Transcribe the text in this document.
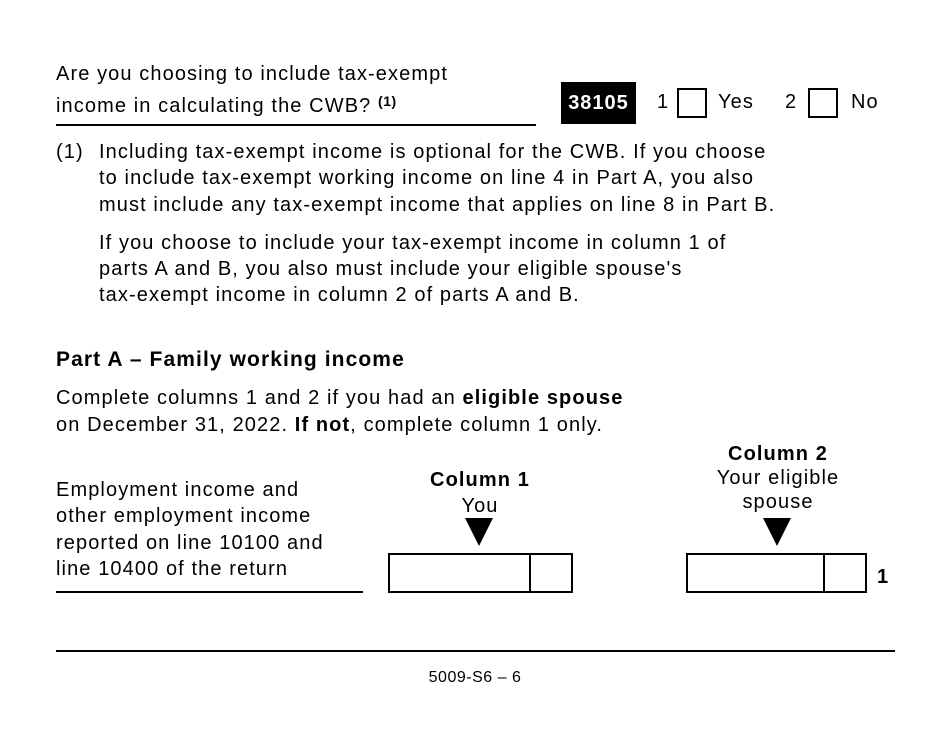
Are you choosing to include tax-exempt
income in calculating the CWB? $^{(1)}$	38105	1 Yes 2	No
(1) Including tax-exempt income is optional for the CWB. If you choose
to include tax-exempt working income on line 4 in Part A, you also
must include any tax-exempt income that applies on line 8 in Part B.
If you choose to include your tax-exempt income in column 1 of
parts A and B, you also must include your eligible spouse's
tax-exempt income in column 2 of parts A and B.
Part A – Family working income
Complete columns 1 and 2 if you had an eligible spouse
on December 31, 2022. If not, complete column 1 only.
Column 1
You
Column 2
Your eligible
spouse
Employment income and
other employment income
reported on line 10100 and
line 10400 of the return	1
5009-S6 – 6
